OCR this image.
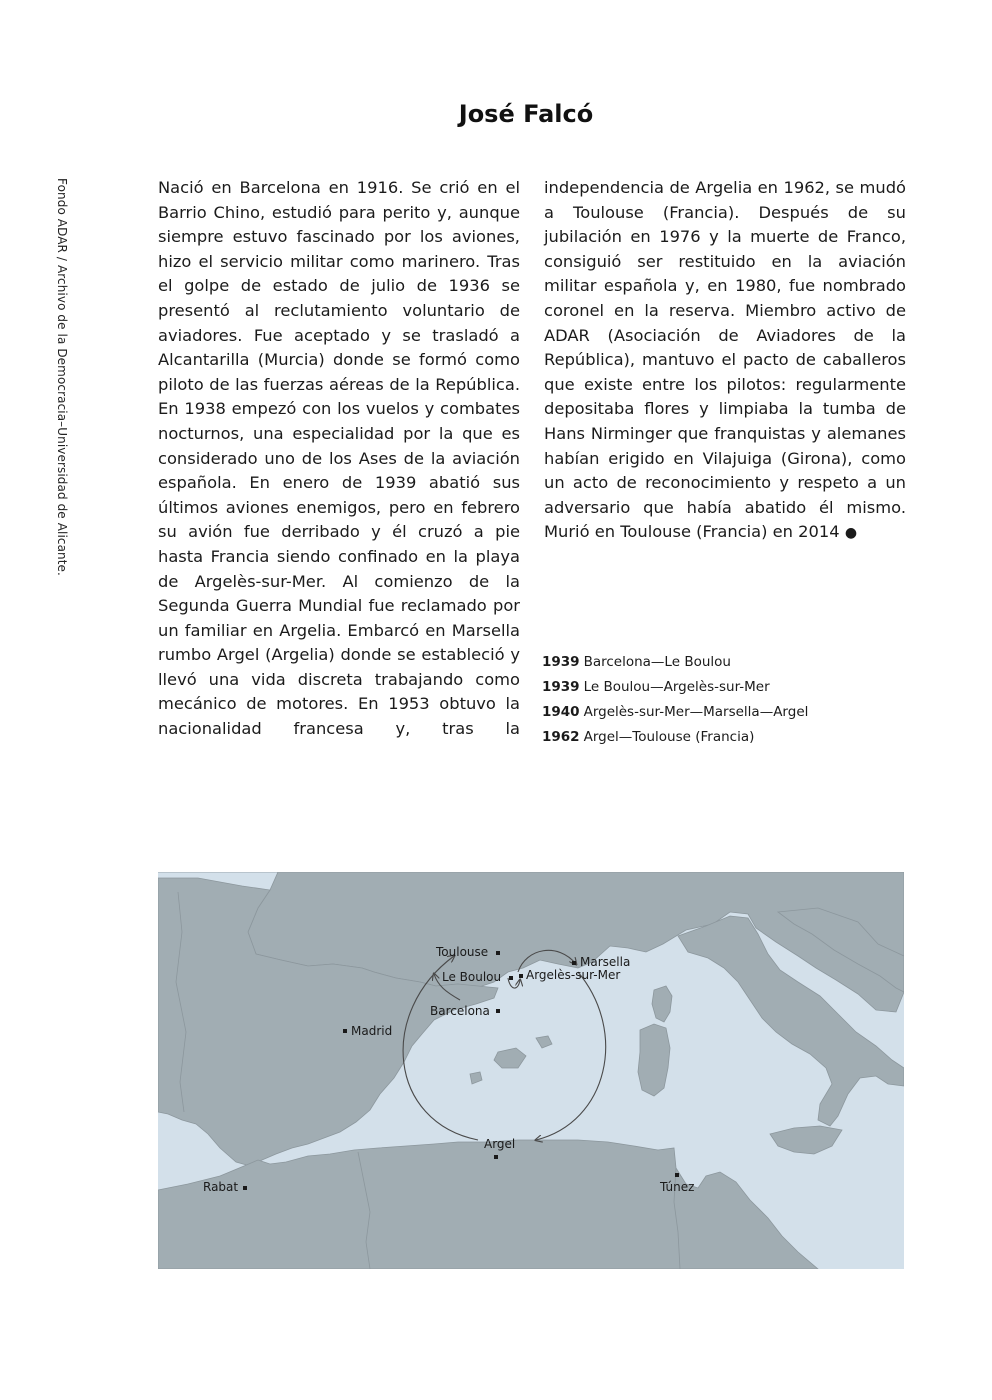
Fondo ADAR / Archivo de la Democracia–Universidad de Alicante.
José Falcó

Nació en Barcelona en 1916. Se crió en el Barrio Chino, estudió para perito y, aunque siempre estuvo fascinado por los aviones, hizo el servicio militar como marinero. Tras el golpe de estado de julio de 1936 se presentó al reclutamiento voluntario de aviadores. Fue aceptado y se trasladó a Alcantarilla (Murcia) donde se formó como piloto de las fuerzas aéreas de la República. En 1938 empezó con los vuelos y combates nocturnos, una especialidad por la que es considerado uno de los Ases de la aviación española. En enero de 1939 abatió sus últimos aviones enemigos, pero en febrero su avión fue derribado y él cruzó a pie hasta Francia siendo confinado en la playa de Argelès-sur-Mer. Al comienzo de la Segunda Guerra Mundial fue reclamado por un familiar en Argelia. Embarcó en Marsella rumbo Argel (Argelia) donde se estableció y llevó una vida discreta trabajando como mecánico de motores. En 1953 obtuvo la nacionalidad francesa y, tras la independencia de Argelia en 1962, se mudó a Toulouse (Francia). Después de su jubilación en 1976 y la muerte de Franco, consiguió ser restituido en la aviación militar española y, en 1980, fue nombrado coronel en la reserva. Miembro activo de ADAR (Asociación de Aviadores de la República), mantuvo el pacto de caballeros que existe entre los pilotos: regularmente depositaba flores y limpiaba la tumba de Hans Nirminger que franquistas y alemanes habían erigido en Vilajuiga (Girona), como un acto de reconocimiento y respeto a un adversario que había abatido él mismo. Murió en Toulouse (Francia) en 2014 ●

1939 Barcelona—Le Boulou
1939 Le Boulou—Argelès-sur-Mer
1940 Argelès-sur-Mer—Marsella—Argel
1962 Argel—Toulouse (Francia)
Toulouse
Marsella
Le Boulou Argelès-sur-Mer
Barcelona
Madrid
Argel
Rabat	Túnez
